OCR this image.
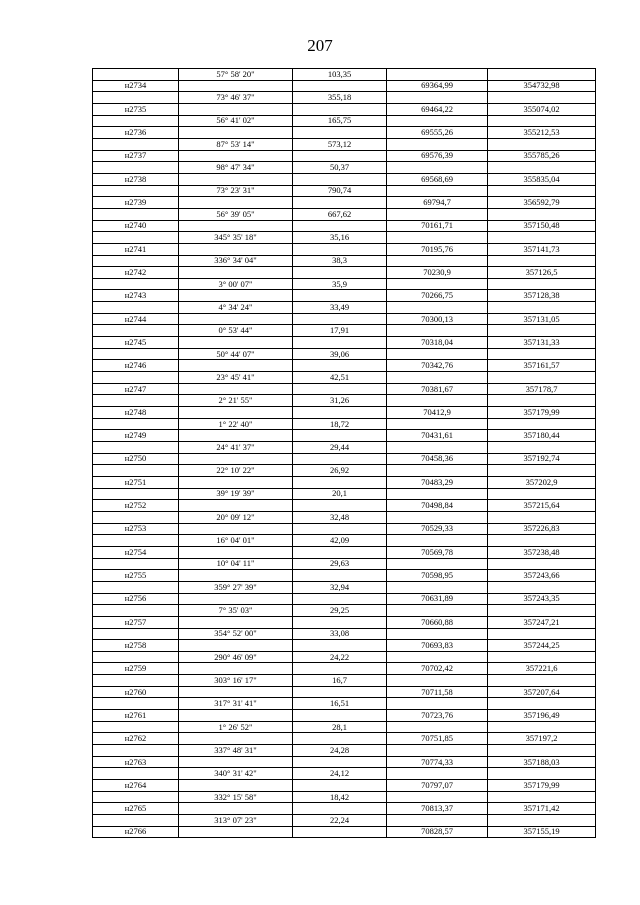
207
	57° 58' 20"	103,35		
н2734			69364,99	354732,98
	73° 46' 37"	355,18		
н2735			69464,22	355074,02
	56° 41' 02"	165,75		
н2736			69555,26	355212,53
	87° 53' 14"	573,12		
н2737			69576,39	355785,26
	98° 47' 34"	50,37		
н2738			69568,69	355835,04
	73° 23' 31"	790,74		
н2739			69794,7	356592,79
	56° 39' 05"	667,62		
н2740			70161,71	357150,48
	345° 35' 18"	35,16		
н2741			70195,76	357141,73
	336° 34' 04"	38,3		
н2742			70230,9	357126,5
	3° 00' 07"	35,9		
н2743			70266,75	357128,38
	4° 34' 24"	33,49		
н2744			70300,13	357131,05
	0° 53' 44"	17,91		
н2745			70318,04	357131,33
	50° 44' 07"	39,06		
н2746			70342,76	357161,57
	23° 45' 41"	42,51		
н2747			70381,67	357178,7
	2° 21' 55"	31,26		
н2748			70412,9	357179,99
	1° 22' 40"	18,72		
н2749			70431,61	357180,44
	24° 41' 37"	29,44		
н2750			70458,36	357192,74
	22° 10' 22"	26,92		
н2751			70483,29	357202,9
	39° 19' 39"	20,1		
н2752			70498,84	357215,64
	20° 09' 12"	32,48		
н2753			70529,33	357226,83
	16° 04' 01"	42,09		
н2754			70569,78	357238,48
	10° 04' 11"	29,63		
н2755			70598,95	357243,66
	359° 27' 39"	32,94		
н2756			70631,89	357243,35
	7° 35' 03"	29,25		
н2757			70660,88	357247,21
	354° 52' 00"	33,08		
н2758			70693,83	357244,25
	290° 46' 09"	24,22		
н2759			70702,42	357221,6
	303° 16' 17"	16,7		
н2760			70711,58	357207,64
	317° 31' 41"	16,51		
н2761			70723,76	357196,49
	1° 26' 52"	28,1		
н2762			70751,85	357197,2
	337° 48' 31"	24,28		
н2763			70774,33	357188,03
	340° 31' 42"	24,12		
н2764			70797,07	357179,99
	332° 15' 58"	18,42		
н2765			70813,37	357171,42
	313° 07' 23"	22,24		
н2766			70828,57	357155,19
